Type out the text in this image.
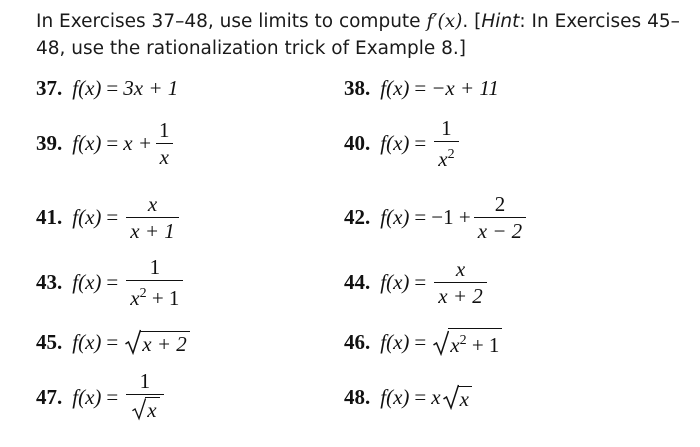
In Exercises 37–48, use limits to compute f′(x). [Hint: In Exercises 45–48, use the rationalization trick of Example 8.]
37. f(x) = 3x + 1	38. f(x) = −x + 11
39. $f(x) = x + \frac{1}{x}$	40. $f(x) = \frac{1}{x^2}$
41. $f(x) = \frac{x}{x + 1}$	42. $f(x) = -1 + \frac{2}{x - 2}$
43. $f(x) = \frac{1}{x^2 + 1}$	44. $f(x) = \frac{x}{x + 2}$
45. f(x) = x + 2	46. $f(x) = x^2 + 1$
47. $f(x) = \frac{1}{x}$	48. f(x) = x x
